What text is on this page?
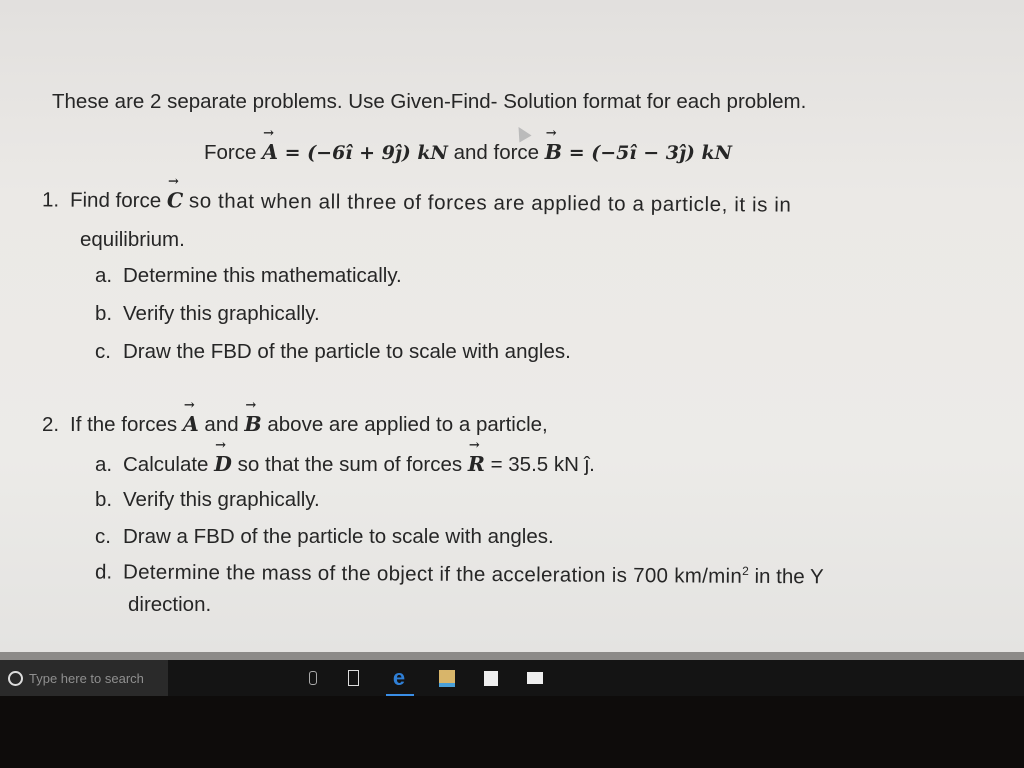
These are 2 separate problems. Use Given-Find- Solution format for each problem.
Force → A = (−6î + 9ĵ) kN and force → B = (−5î − 3ĵ) kN
1. Find force → C so that when all three of forces are applied to a particle, it is in
equilibrium.
a. Determine this mathematically.
b. Verify this graphically.
c. Draw the FBD of the particle to scale with angles.
2. If the forces → A and → B above are applied to a particle,
a. Calculate → D so that the sum of forces → R = 35.5 kN ĵ.
b. Verify this graphically.
c. Draw a FBD of the particle to scale with angles.
d. Determine the mass of the object if the acceleration is 700 $km/\min^2$ in the Y
direction.
Type here to search	e
